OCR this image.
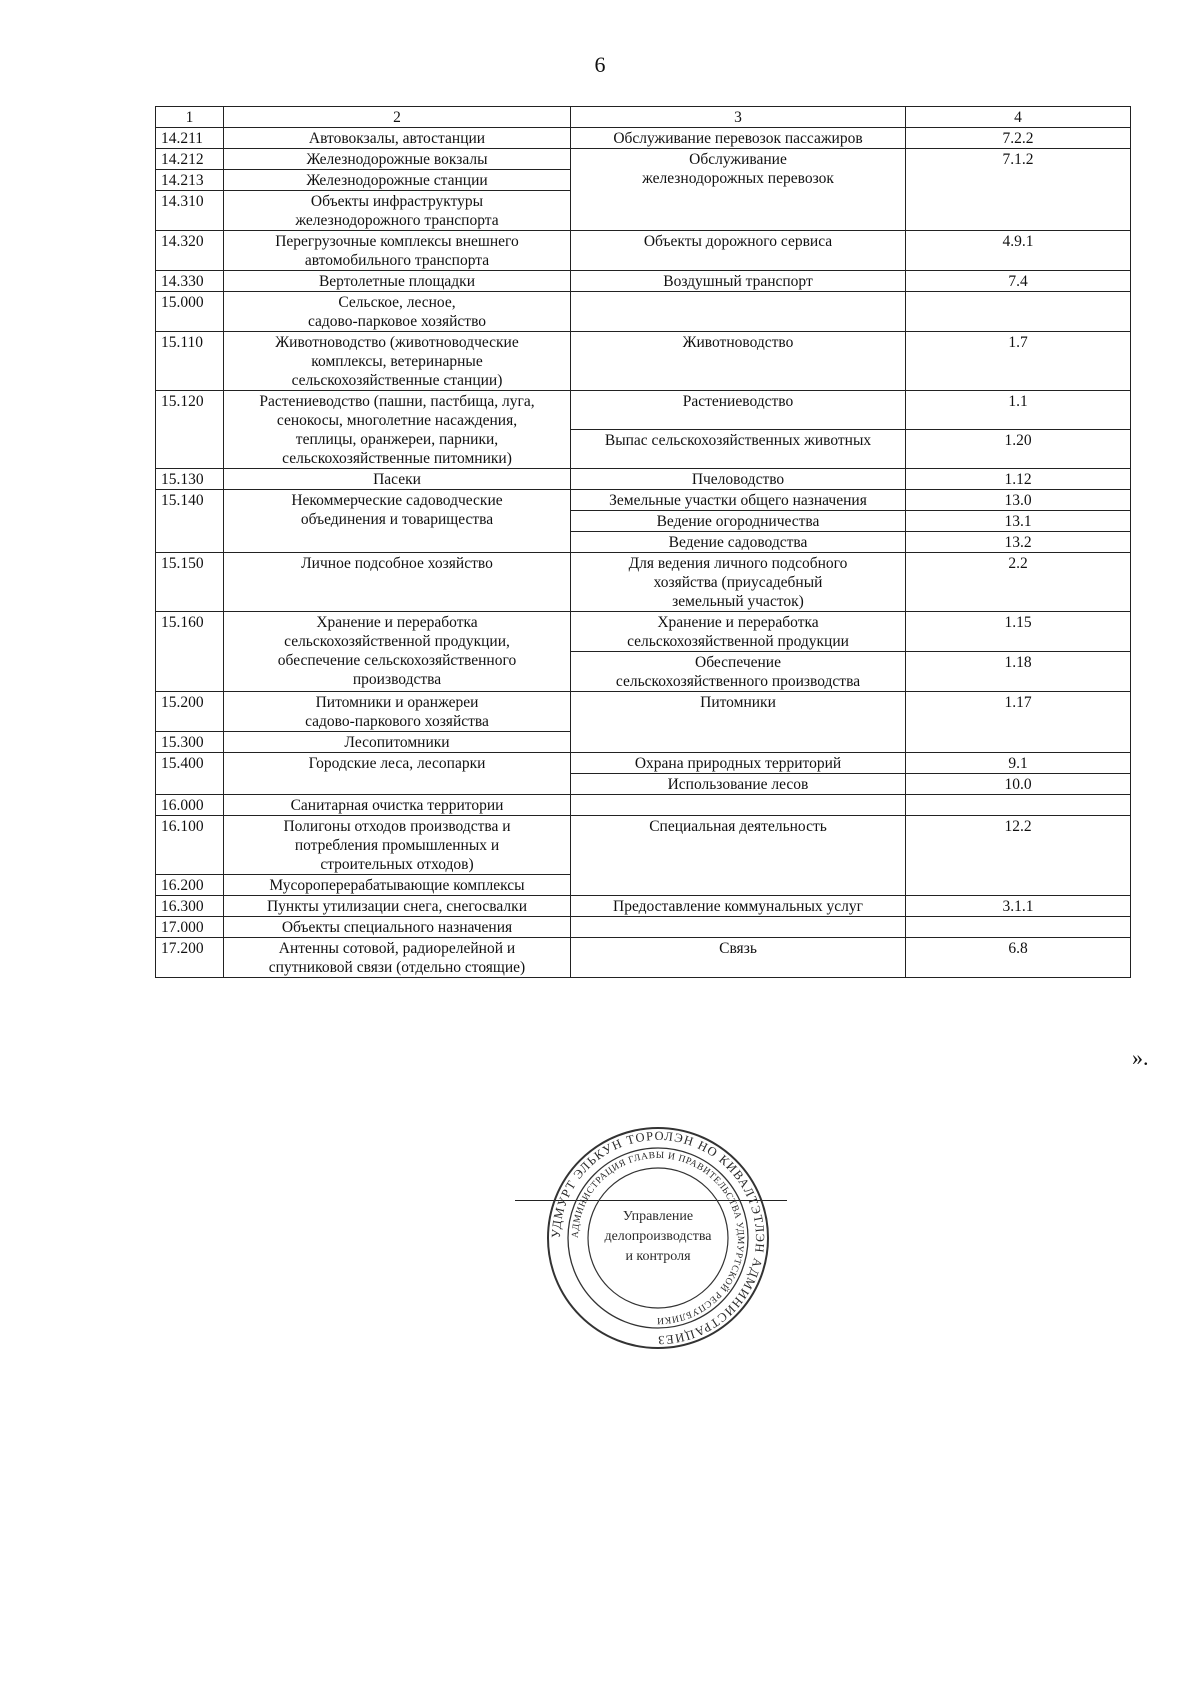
6
1	2	3	4

14.211	Автовокзалы, автостанции	Обслуживание перевозок пассажиров	7.2.2

14.212	Железнодорожные вокзалы	Обслуживание
железнодорожных перевозок	7.1.2

14.213	Железнодорожные станции		

14.310	Объекты инфраструктуры
железнодорожного транспорта		

14.320	Перегрузочные комплексы внешнего
автомобильного транспорта	Объекты дорожного сервиса	4.9.1

14.330	Вертолетные площадки	Воздушный транспорт	7.4

15.000	Сельское, лесное,
садово-парковое хозяйство		

15.110	Животноводство (животноводческие
комплексы, ветеринарные
сельскохозяйственные станции)	Животноводство	1.7

15.120	Растениеводство (пашни, пастбища, луга,
сенокосы, многолетние насаждения,
теплицы, оранжереи, парники,
сельскохозяйственные питомники)	Растениеводство	1.1

		Выпас сельскохозяйственных животных	1.20

15.130	Пасеки	Пчеловодство	1.12

15.140	Некоммерческие садоводческие
объединения и товарищества	Земельные участки общего назначения	13.0

		Ведение огородничества	13.1

		Ведение садоводства	13.2

15.150	Личное подсобное хозяйство	Для ведения личного подсобного
хозяйства (приусадебный
земельный участок)	2.2

15.160	Хранение и переработка
сельскохозяйственной продукции,
обеспечение сельскохозяйственного
производства	Хранение и переработка
сельскохозяйственной продукции	1.15

		Обеспечение
сельскохозяйственного производства	1.18

15.200	Питомники и оранжереи
садово-паркового хозяйства	Питомники	1.17

15.300	Лесопитомники		

15.400	Городские леса, лесопарки	Охрана природных территорий	9.1

		Использование лесов	10.0

16.000	Санитарная очистка территории		

16.100	Полигоны отходов производства и
потребления промышленных и
строительных отходов)	Специальная деятельность	12.2

16.200	Мусороперерабатывающие комплексы		

16.300	Пункты утилизации снега, снегосвалки	Предоставление коммунальных услуг	3.1.1

17.000	Объекты специального назначения		

17.200	Антенны сотовой, радиорелейной и
спутниковой связи (отдельно стоящие)	Связь	6.8
».
УДМУРТ ЭЛЬКУН ТОРОЛЭН НО КИВАЛТЭТЛЭН АДМИНИСТРАЦИЕЗ
АДМИНИСТРАЦИЯ ГЛАВЫ И ПРАВИТЕЛЬСТВА УДМУРТСКОЙ РЕСПУБЛИКИ
Управление
делопроизводства
и контроля
